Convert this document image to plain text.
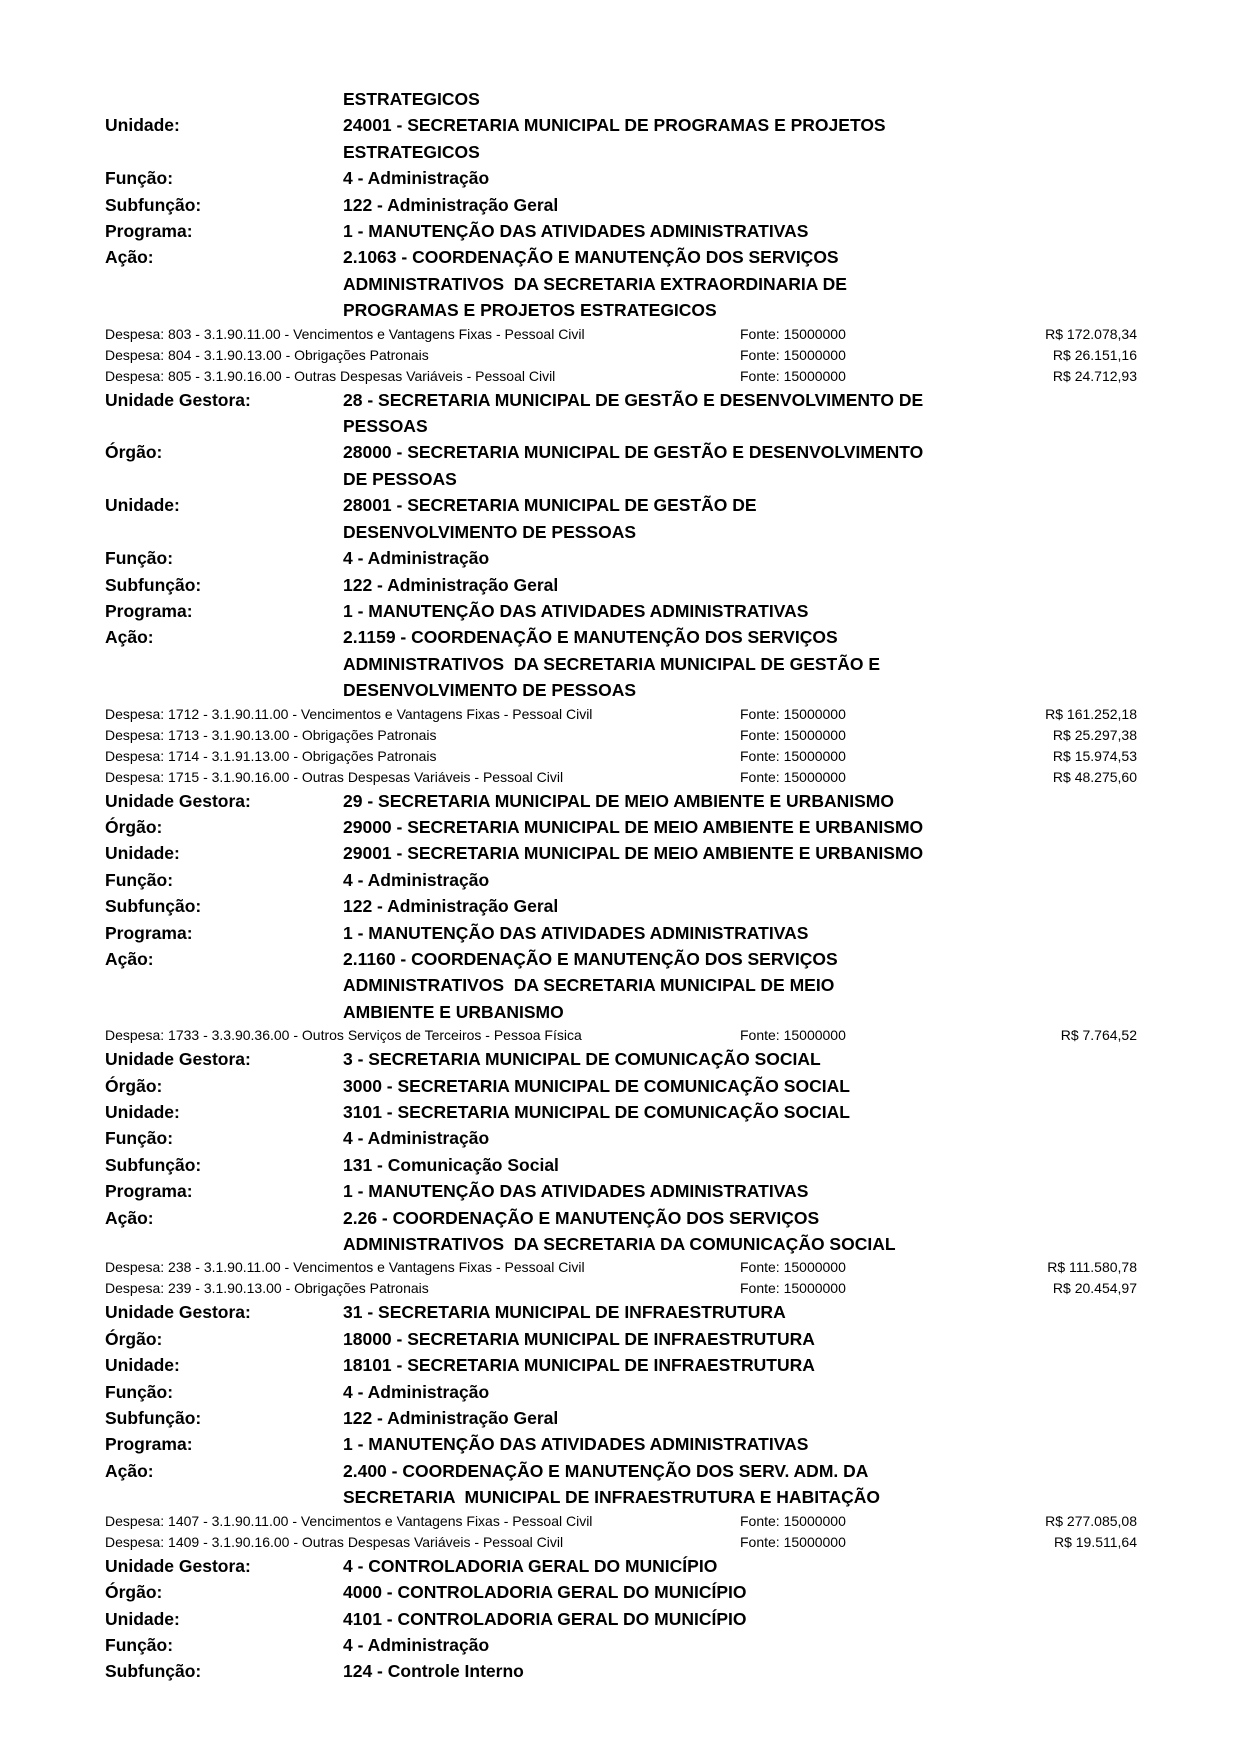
ESTRATEGICOS
Unidade:	24001 - SECRETARIA MUNICIPAL DE PROGRAMAS E PROJETOS
ESTRATEGICOS
Função:	4 - Administração
Subfunção:	122 - Administração Geral
Programa:	1 - MANUTENÇÃO DAS ATIVIDADES ADMINISTRATIVAS
Ação:	2.1063 - COORDENAÇÃO E MANUTENÇÃO DOS SERVIÇOS
ADMINISTRATIVOS  DA SECRETARIA EXTRAORDINARIA DE
PROGRAMAS E PROJETOS ESTRATEGICOS
Despesa: 803 - 3.1.90.11.00 - Vencimentos e Vantagens Fixas - Pessoal Civil	Fonte: 15000000	R$ 172.078,34
Despesa: 804 - 3.1.90.13.00 - Obrigações Patronais	Fonte: 15000000	R$ 26.151,16
Despesa: 805 - 3.1.90.16.00 - Outras Despesas Variáveis - Pessoal Civil	Fonte: 15000000	R$ 24.712,93
Unidade Gestora:	28 - SECRETARIA MUNICIPAL DE GESTÃO E DESENVOLVIMENTO DE
PESSOAS
Órgão:	28000 - SECRETARIA MUNICIPAL DE GESTÃO E DESENVOLVIMENTO
DE PESSOAS
Unidade:	28001 - SECRETARIA MUNICIPAL DE GESTÃO DE
DESENVOLVIMENTO DE PESSOAS
Função:	4 - Administração
Subfunção:	122 - Administração Geral
Programa:	1 - MANUTENÇÃO DAS ATIVIDADES ADMINISTRATIVAS
Ação:	2.1159 - COORDENAÇÃO E MANUTENÇÃO DOS SERVIÇOS
ADMINISTRATIVOS  DA SECRETARIA MUNICIPAL DE GESTÃO E
DESENVOLVIMENTO DE PESSOAS
Despesa: 1712 - 3.1.90.11.00 - Vencimentos e Vantagens Fixas - Pessoal Civil	Fonte: 15000000	R$ 161.252,18
Despesa: 1713 - 3.1.90.13.00 - Obrigações Patronais	Fonte: 15000000	R$ 25.297,38
Despesa: 1714 - 3.1.91.13.00 - Obrigações Patronais	Fonte: 15000000	R$ 15.974,53
Despesa: 1715 - 3.1.90.16.00 - Outras Despesas Variáveis - Pessoal Civil	Fonte: 15000000	R$ 48.275,60
Unidade Gestora:	29 - SECRETARIA MUNICIPAL DE MEIO AMBIENTE E URBANISMO
Órgão:	29000 - SECRETARIA MUNICIPAL DE MEIO AMBIENTE E URBANISMO
Unidade:	29001 - SECRETARIA MUNICIPAL DE MEIO AMBIENTE E URBANISMO
Função:	4 - Administração
Subfunção:	122 - Administração Geral
Programa:	1 - MANUTENÇÃO DAS ATIVIDADES ADMINISTRATIVAS
Ação:	2.1160 - COORDENAÇÃO E MANUTENÇÃO DOS SERVIÇOS
ADMINISTRATIVOS  DA SECRETARIA MUNICIPAL DE MEIO
AMBIENTE E URBANISMO
Despesa: 1733 - 3.3.90.36.00 - Outros Serviços de Terceiros - Pessoa Física	Fonte: 15000000	R$ 7.764,52
Unidade Gestora:	3 - SECRETARIA MUNICIPAL DE COMUNICAÇÃO SOCIAL
Órgão:	3000 - SECRETARIA MUNICIPAL DE COMUNICAÇÃO SOCIAL
Unidade:	3101 - SECRETARIA MUNICIPAL DE COMUNICAÇÃO SOCIAL
Função:	4 - Administração
Subfunção:	131 - Comunicação Social
Programa:	1 - MANUTENÇÃO DAS ATIVIDADES ADMINISTRATIVAS
Ação:	2.26 - COORDENAÇÃO E MANUTENÇÃO DOS SERVIÇOS
ADMINISTRATIVOS  DA SECRETARIA DA COMUNICAÇÃO SOCIAL
Despesa: 238 - 3.1.90.11.00 - Vencimentos e Vantagens Fixas - Pessoal Civil	Fonte: 15000000	R$ 111.580,78
Despesa: 239 - 3.1.90.13.00 - Obrigações Patronais	Fonte: 15000000	R$ 20.454,97
Unidade Gestora:	31 - SECRETARIA MUNICIPAL DE INFRAESTRUTURA
Órgão:	18000 - SECRETARIA MUNICIPAL DE INFRAESTRUTURA
Unidade:	18101 - SECRETARIA MUNICIPAL DE INFRAESTRUTURA
Função:	4 - Administração
Subfunção:	122 - Administração Geral
Programa:	1 - MANUTENÇÃO DAS ATIVIDADES ADMINISTRATIVAS
Ação:	2.400 - COORDENAÇÃO E MANUTENÇÃO DOS SERV. ADM. DA
SECRETARIA  MUNICIPAL DE INFRAESTRUTURA E HABITAÇÃO
Despesa: 1407 - 3.1.90.11.00 - Vencimentos e Vantagens Fixas - Pessoal Civil	Fonte: 15000000	R$ 277.085,08
Despesa: 1409 - 3.1.90.16.00 - Outras Despesas Variáveis - Pessoal Civil	Fonte: 15000000	R$ 19.511,64
Unidade Gestora:	4 - CONTROLADORIA GERAL DO MUNICÍPIO
Órgão:	4000 - CONTROLADORIA GERAL DO MUNICÍPIO
Unidade:	4101 - CONTROLADORIA GERAL DO MUNICÍPIO
Função:	4 - Administração
Subfunção:	124 - Controle Interno
